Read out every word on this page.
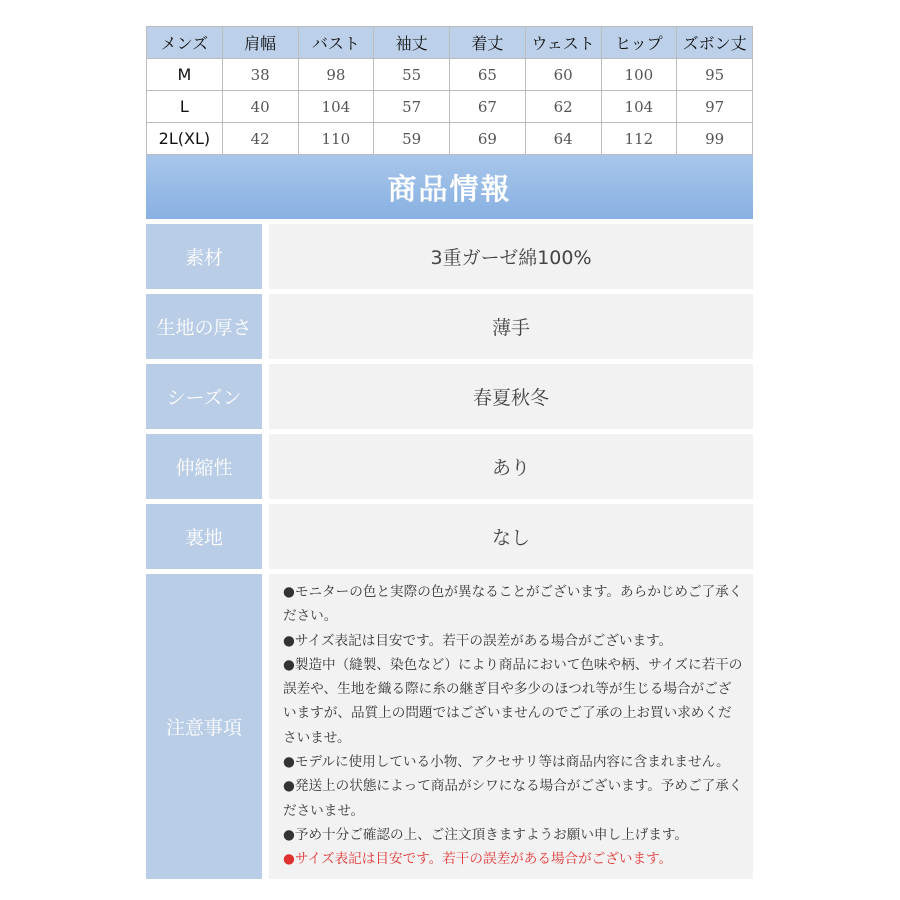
メンズ	肩幅	バスト	袖丈	着丈	ウェスト	ヒップ	ズボン丈
M	38	98	55	65	60	100	95
L	40	104	57	67	62	104	97
2L(XL)	42	110	59	69	64	112	99
商品情報
素材	3重ガーゼ綿100%
生地の厚さ	薄手
シーズン	春夏秋冬
伸縮性	あり
裏地	なし
注意事項
●モニターの色と実際の色が異なることがございます。あらかじめご了承ください。
●サイズ表記は目安です。若干の誤差がある場合がございます。
●製造中（縫製、染色など）により商品において色味や柄、サイズに若干の誤差や、生地を織る際に糸の継ぎ目や多少のほつれ等が生じる場合がございますが、品質上の問題ではございませんのでご了承の上お買い求めくださいませ。
●モデルに使用している小物、アクセサリ等は商品内容に含まれません。
●発送上の状態によって商品がシワになる場合がございます。予めご了承くださいませ。
●予め十分ご確認の上、ご注文頂きますようお願い申し上げます。
●サイズ表記は目安です。若干の誤差がある場合がございます。
